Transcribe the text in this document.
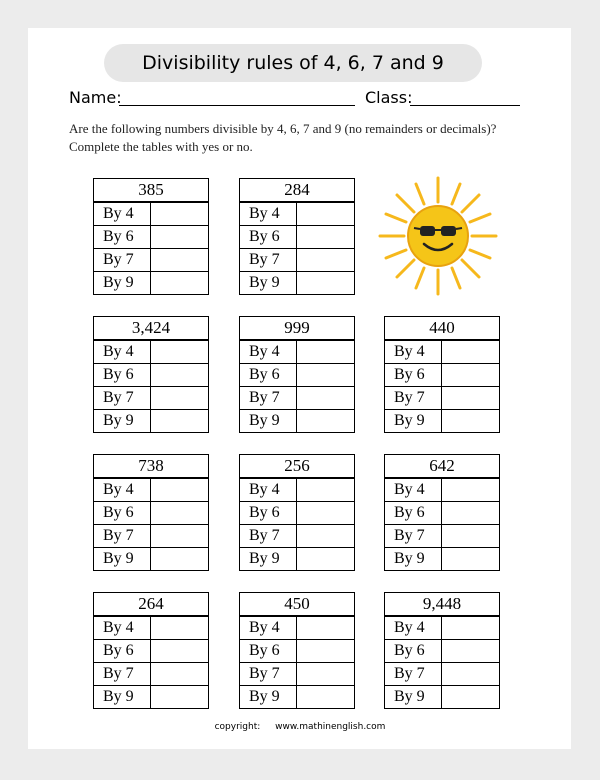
Divisibility rules of 4, 6, 7 and 9
Name:	Class:
Are the following numbers divisible by 4, 6, 7 and 9 (no remainders or decimals)?
Complete the tables with yes or no.
385
By 4
By 6
By 7
By 9
284
By 4
By 6
By 7
By 9
3,424
By 4
By 6
By 7
By 9
999
By 4
By 6
By 7
By 9
440
By 4
By 6
By 7
By 9
738
By 4
By 6
By 7
By 9
256
By 4
By 6
By 7
By 9
642
By 4
By 6
By 7
By 9
264
By 4
By 6
By 7
By 9
450
By 4
By 6
By 7
By 9
9,448
By 4
By 6
By 7
By 9
copyright: www.mathinenglish.com
